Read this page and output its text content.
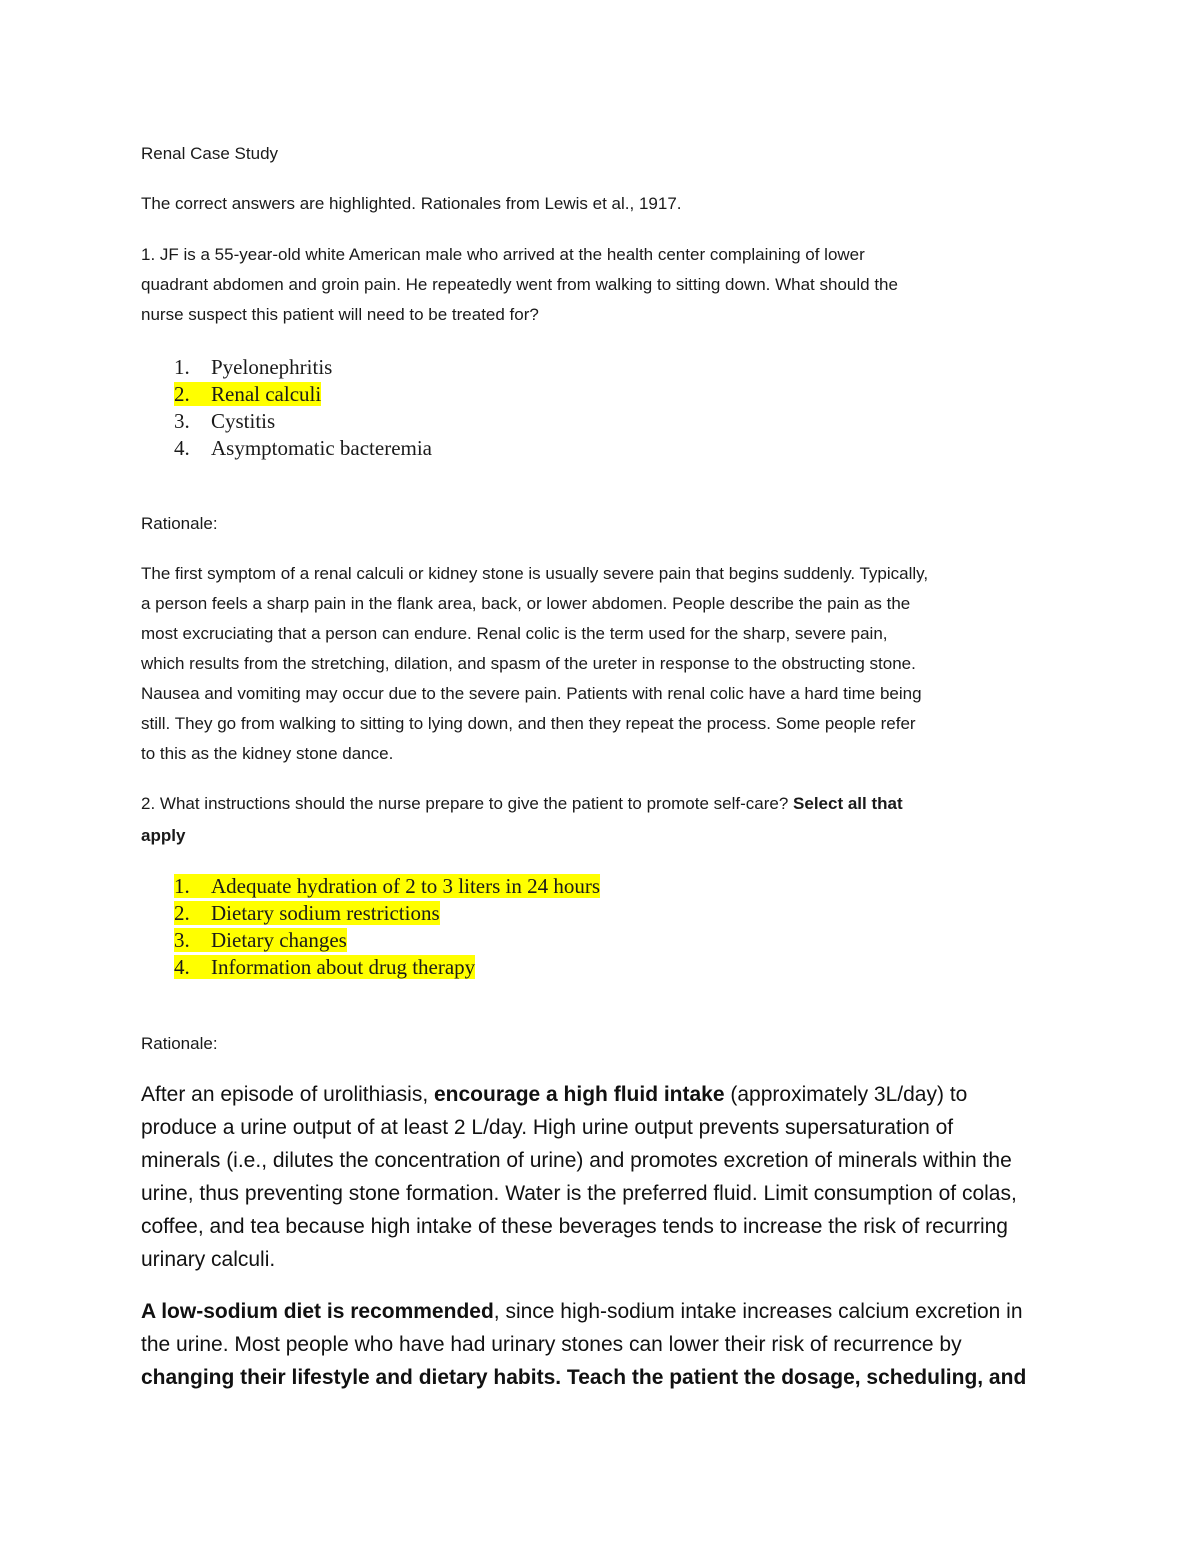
Renal Case Study
The correct answers are highlighted. Rationales from Lewis et al., 1917.
1. JF is a 55-year-old white American male who arrived at the health center complaining of lower
quadrant abdomen and groin pain. He repeatedly went from walking to sitting down. What should the
nurse suspect this patient will need to be treated for?
1. Pyelonephritis
2. Renal calculi
3. Cystitis
4. Asymptomatic bacteremia
Rationale:
The first symptom of a renal calculi or kidney stone is usually severe pain that begins suddenly. Typically,
a person feels a sharp pain in the flank area, back, or lower abdomen. People describe the pain as the
most excruciating that a person can endure. Renal colic is the term used for the sharp, severe pain,
which results from the stretching, dilation, and spasm of the ureter in response to the obstructing stone.
Nausea and vomiting may occur due to the severe pain. Patients with renal colic have a hard time being
still. They go from walking to sitting to lying down, and then they repeat the process. Some people refer
to this as the kidney stone dance.
2. What instructions should the nurse prepare to give the patient to promote self-care? Select all that
apply
1. Adequate hydration of 2 to 3 liters in 24 hours
2. Dietary sodium restrictions
3. Dietary changes
4. Information about drug therapy
Rationale:
After an episode of urolithiasis, encourage a high fluid intake (approximately 3L/day) to
produce a urine output of at least 2 L/day. High urine output prevents supersaturation of
minerals (i.e., dilutes the concentration of urine) and promotes excretion of minerals within the
urine, thus preventing stone formation. Water is the preferred fluid. Limit consumption of colas,
coffee, and tea because high intake of these beverages tends to increase the risk of recurring
urinary calculi.
A low-sodium diet is recommended, since high-sodium intake increases calcium excretion in
the urine. Most people who have had urinary stones can lower their risk of recurrence by
changing their lifestyle and dietary habits. Teach the patient the dosage, scheduling, and
